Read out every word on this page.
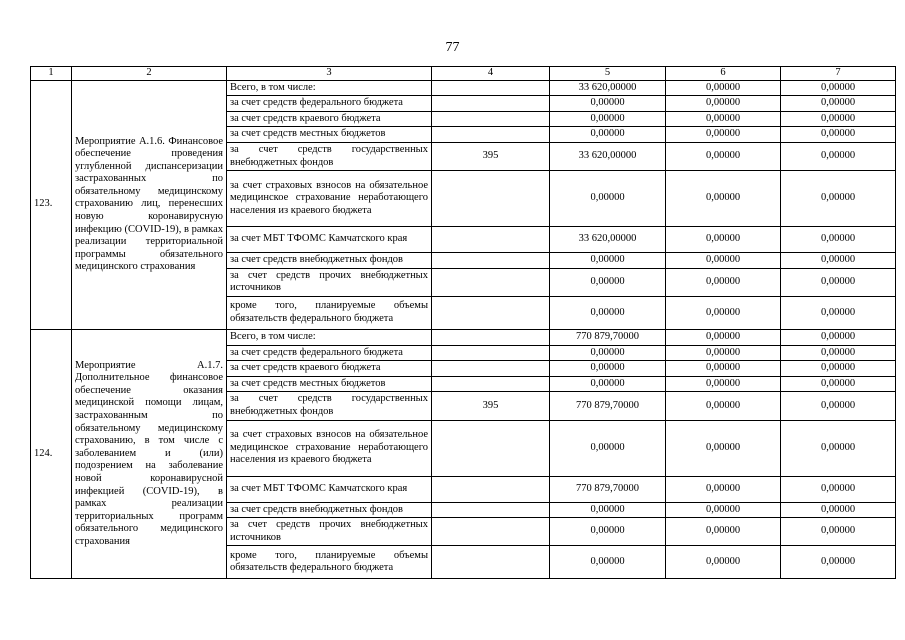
77
1	2	3	4	5	6	7
123.	Мероприятие А.1.6. Финансовое обеспечение проведения углубленной диспансеризации застрахованных по обязательному медицинскому страхованию лиц, перенесших новую коронавирусную инфекцию (COVID-19), в рамках реализации территориальной программы обязательного медицинского страхования	Всего, в том числе:		33 620,00000	0,00000	0,00000
		за счет средств федерального бюджета		0,00000	0,00000	0,00000
		за счет средств краевого бюджета		0,00000	0,00000	0,00000
		за счет средств местных бюджетов		0,00000	0,00000	0,00000
		за счет средств государственных внебюджетных фондов	395	33 620,00000	0,00000	0,00000
		за счет страховых взносов на обязательное медицинское страхование неработающего населения из краевого бюджета		0,00000	0,00000	0,00000
		за счет МБТ ТФОМС Камчатского края		33 620,00000	0,00000	0,00000
		за счет средств внебюджетных фондов		0,00000	0,00000	0,00000
		за счет средств прочих внебюджетных источников		0,00000	0,00000	0,00000
		кроме того, планируемые объемы обязательств федерального бюджета		0,00000	0,00000	0,00000
124.	Мероприятие А.1.7. Дополнительное финансовое обеспечение оказания медицинской помощи лицам, застрахованным по обязательному медицинскому страхованию, в том числе с заболеванием и (или) подозрением на заболевание новой коронавирусной инфекцией (COVID-19), в рамках реализации территориальных программ обязательного медицинского страхования	Всего, в том числе:		770 879,70000	0,00000	0,00000
		за счет средств федерального бюджета		0,00000	0,00000	0,00000
		за счет средств краевого бюджета		0,00000	0,00000	0,00000
		за счет средств местных бюджетов		0,00000	0,00000	0,00000
		за счет средств государственных внебюджетных фондов	395	770 879,70000	0,00000	0,00000
		за счет страховых взносов на обязательное медицинское страхование неработающего населения из краевого бюджета		0,00000	0,00000	0,00000
		за счет МБТ ТФОМС Камчатского края		770 879,70000	0,00000	0,00000
		за счет средств внебюджетных фондов		0,00000	0,00000	0,00000
		за счет средств прочих внебюджетных источников		0,00000	0,00000	0,00000
		кроме того, планируемые объемы обязательств федерального бюджета		0,00000	0,00000	0,00000
